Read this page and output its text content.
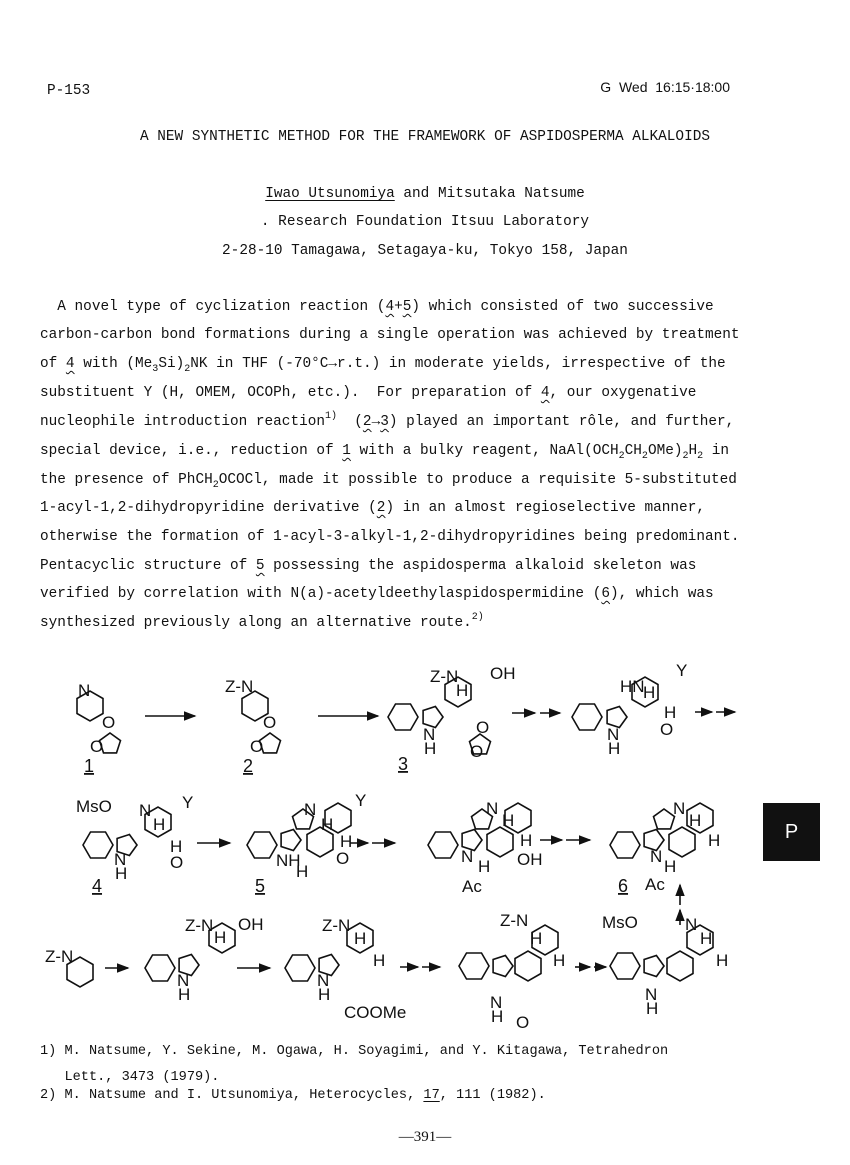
P-153	G  Wed  16:15·18:00
A NEW SYNTHETIC METHOD FOR THE FRAMEWORK OF ASPIDOSPERMA ALKALOIDS
Iwao Utsunomiya and Mitsutaka Natsume
. Research Foundation Itsuu Laboratory
2-28-10 Tamagawa, Setagaya-ku, Tokyo 158, Japan
A novel type of cyclization reaction (4+5) which consisted of two successive
carbon-carbon bond formations during a single operation was achieved by treatment
of 4 with $(Me_3Si)_2NK$ in THF (-70°C→r.t.) in moderate yields, irrespective of the
substituent Y (H, OMEM, OCOPh, etc.).  For preparation of 4, our oxygenative
nucleophile introduction reaction$^{1)}$  (2→3) played an important rôle, and further,
special device, i.e., reduction of 1 with a bulky reagent, $NaAl(OCH_2CH_2OMe)_2H_2$ in
the presence of PhCH$_2$OCOCl, made it possible to produce a requisite 5-substituted
1-acyl-1,2-dihydropyridine derivative (2) in an almost regioselective manner,
otherwise the formation of 1-acyl-3-alkyl-1,2-dihydropyridines being predominant.
Pentacyclic structure of 5 possessing the aspidosperma alkaloid skeleton was
verified by correlation with N(a)-acetyldeethylaspidospermidine (6), which was
synthesized previously along an alternative route.$^{2)}$
N
O
O
1
Z-N
O
O
2
Z-N OH
H
N
H
O
O
3
HN
Y
H
H
O
N
H
MsO N Y
H
H
O
N
H
4
N Y
H
H
O
NH
H
5
N
H
H
OH
N
H
Ac
N
H
H
N
H
Ac
6
Z-N
Z-N OH
H
N
H
Z-N
H
H
COOMe
N
H
Z-N
H
H
N
H O
MsO	N
H
H
N
H
P
1) M. Natsume, Y. Sekine, M. Ogawa, H. Soyagimi, and Y. Kitagawa, Tetrahedron
Lett., 3473 (1979).
2) M. Natsume and I. Utsunomiya, Heterocycles, 17, 111 (1982).
—391—
